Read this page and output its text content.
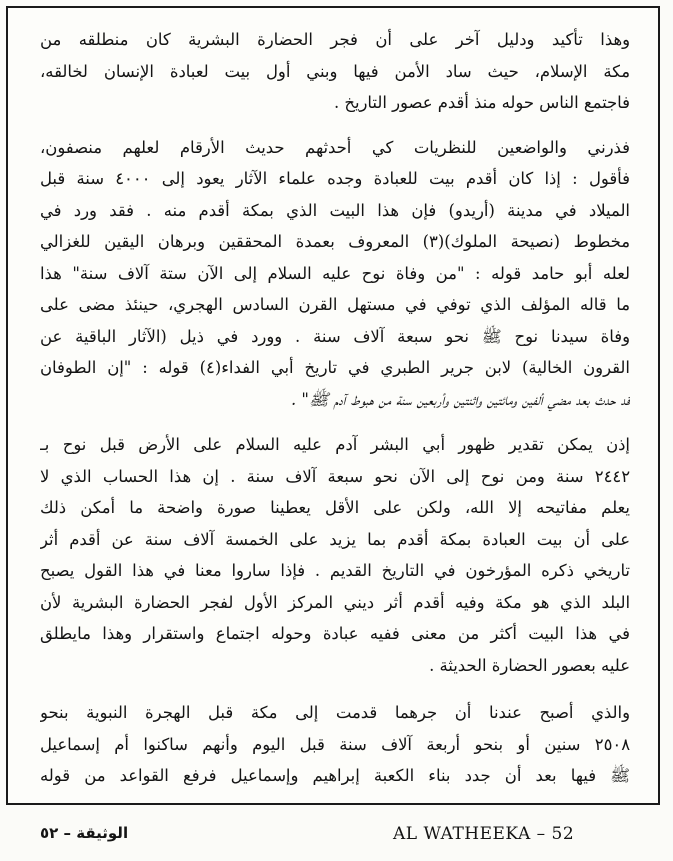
وهذا تأكيد ودليل آخر على أن فجر الحضارة البشرية كان منطلقه من
مكة الإسلام، حيث ساد الأمن فيها وبني أول بيت لعبادة الإنسان لخالقه،
فاجتمع الناس حوله منذ أقدم عصور التاريخ .
فذرني والواضعين للنظريات كي أحدثهم حديث الأرقام لعلهم منصفون،
فأقول : إذا كان أقدم بيت للعبادة وجده علماء الآثار يعود إلى ٤٠٠٠ سنة قبل
الميلاد في مدينة (أريدو) فإن هذا البيت الذي بمكة أقدم منه . فقد ورد في
مخطوط (نصيحة الملوك)(٣) المعروف بعمدة المحققين وبرهان اليقين للغزالي
لعله أبو حامد قوله : "من وفاة نوح عليه السلام إلى الآن ستة آلاف سنة" هذا
ما قاله المؤلف الذي توفي في مستهل القرن السادس الهجري، حينئذ مضى على
وفاة سيدنا نوح ﷺ نحو سبعة آلاف سنة . وورد في ذيل (الآثار الباقية عن
القرون الخالية) لابن جرير الطبري في تاريخ أبي الفداء(٤) قوله : "إن الطوفان
قد حدث بعد مضي ألفين ومائتين واثنتين وأربعين سنة من هبوط آدم ﷺ" .
إذن يمكن تقدير ظهور أبي البشر آدم عليه السلام على الأرض قبل نوح بـ
٢٤٤٢ سنة ومن نوح إلى الآن نحو سبعة آلاف سنة . إن هذا الحساب الذي لا
يعلم مفاتيحه إلا الله، ولكن على الأقل يعطينا صورة واضحة ما أمكن ذلك
على أن بيت العبادة بمكة أقدم بما يزيد على الخمسة آلاف سنة عن أقدم أثر
تاريخي ذكره المؤرخون في التاريخ القديم . فإذا ساروا معنا في هذا القول يصبح
البلد الذي هو مكة وفيه أقدم أثر ديني المركز الأول لفجر الحضارة البشرية لأن
في هذا البيت أكثر من معنى ففيه عبادة وحوله اجتماع واستقرار وهذا مايطلق
عليه بعصور الحضارة الحديثة .
والذي أصبح عندنا أن جرهما قدمت إلى مكة قبل الهجرة النبوية بنحو
٢٥٠٨ سنين أو بنحو أربعة آلاف سنة قبل اليوم وأنهم ساكنوا أم إسماعيل
ﷺ فيها بعد أن جدد بناء الكعبة إبراهيم وإسماعيل فرفع القواعد من قوله
AL WATHEEKA – 52
الوثيقة – ٥٢
